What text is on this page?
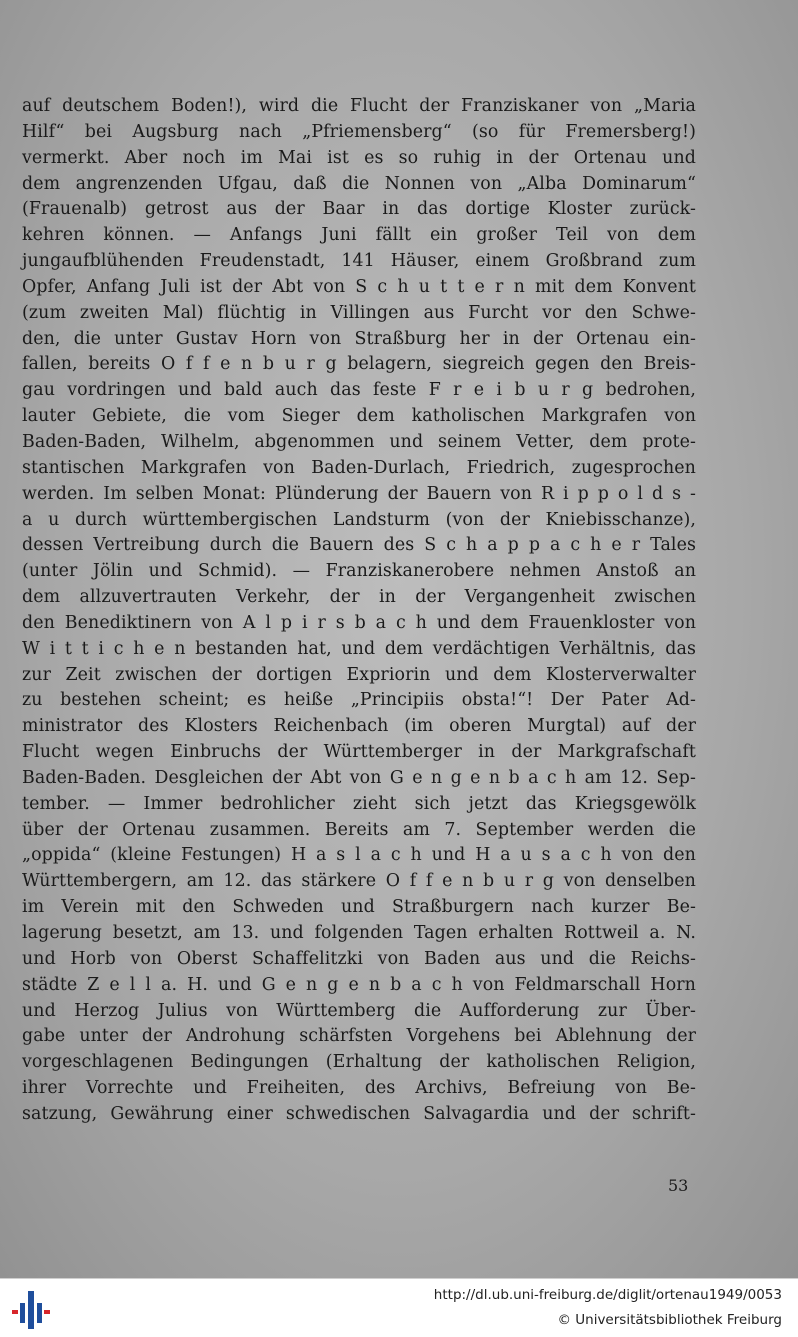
auf deutschem Boden!), wird die Flucht der Franziskaner von „Maria
Hilf“ bei Augsburg nach „Pfriemensberg“ (so für Fremersberg!)
vermerkt. Aber noch im Mai ist es so ruhig in der Ortenau und
dem angrenzenden Ufgau, daß die Nonnen von „Alba Dominarum“
(Frauenalb) getrost aus der Baar in das dortige Kloster zurück-
kehren können. — Anfangs Juni fällt ein großer Teil von dem
jungaufblühenden Freudenstadt, 141 Häuser, einem Großbrand zum
Opfer, Anfang Juli ist der Abt von S c h u t t e r n mit dem Konvent
(zum zweiten Mal) flüchtig in Villingen aus Furcht vor den Schwe-
den, die unter Gustav Horn von Straßburg her in der Ortenau ein-
fallen, bereits O f f e n b u r g belagern, siegreich gegen den Breis-
gau vordringen und bald auch das feste F r e i b u r g bedrohen,
lauter Gebiete, die vom Sieger dem katholischen Markgrafen von
Baden-Baden, Wilhelm, abgenommen und seinem Vetter, dem prote-
stantischen Markgrafen von Baden-Durlach, Friedrich, zugesprochen
werden. Im selben Monat: Plünderung der Bauern von R i p p o l d s -
a u durch württembergischen Landsturm (von der Kniebisschanze),
dessen Vertreibung durch die Bauern des S c h a p p a c h e r Tales
(unter Jölin und Schmid). — Franziskanerobere nehmen Anstoß an
dem allzuvertrauten Verkehr, der in der Vergangenheit zwischen
den Benediktinern von A l p i r s b a c h und dem Frauenkloster von
W i t t i c h e n bestanden hat, und dem verdächtigen Verhältnis, das
zur Zeit zwischen der dortigen Expriorin und dem Klosterverwalter
zu bestehen scheint; es heiße „Principiis obsta!“! Der Pater Ad-
ministrator des Klosters Reichenbach (im oberen Murgtal) auf der
Flucht wegen Einbruchs der Württemberger in der Markgrafschaft
Baden-Baden. Desgleichen der Abt von G e n g e n b a c h am 12. Sep-
tember. — Immer bedrohlicher zieht sich jetzt das Kriegsgewölk
über der Ortenau zusammen. Bereits am 7. September werden die
„oppida“ (kleine Festungen) H a s l a c h und H a u s a c h von den
Württembergern, am 12. das stärkere O f f e n b u r g von denselben
im Verein mit den Schweden und Straßburgern nach kurzer Be-
lagerung besetzt, am 13. und folgenden Tagen erhalten Rottweil a. N.
und Horb von Oberst Schaffelitzki von Baden aus und die Reichs-
städte Z e l l a. H. und G e n g e n b a c h von Feldmarschall Horn
und Herzog Julius von Württemberg die Aufforderung zur Über-
gabe unter der Androhung schärfsten Vorgehens bei Ablehnung der
vorgeschlagenen Bedingungen (Erhaltung der katholischen Religion,
ihrer Vorrechte und Freiheiten, des Archivs, Befreiung von Be-
satzung, Gewährung einer schwedischen Salvagardia und der schrift-
53
http://dl.ub.uni-freiburg.de/diglit/ortenau1949/0053
© Universitätsbibliothek Freiburg
